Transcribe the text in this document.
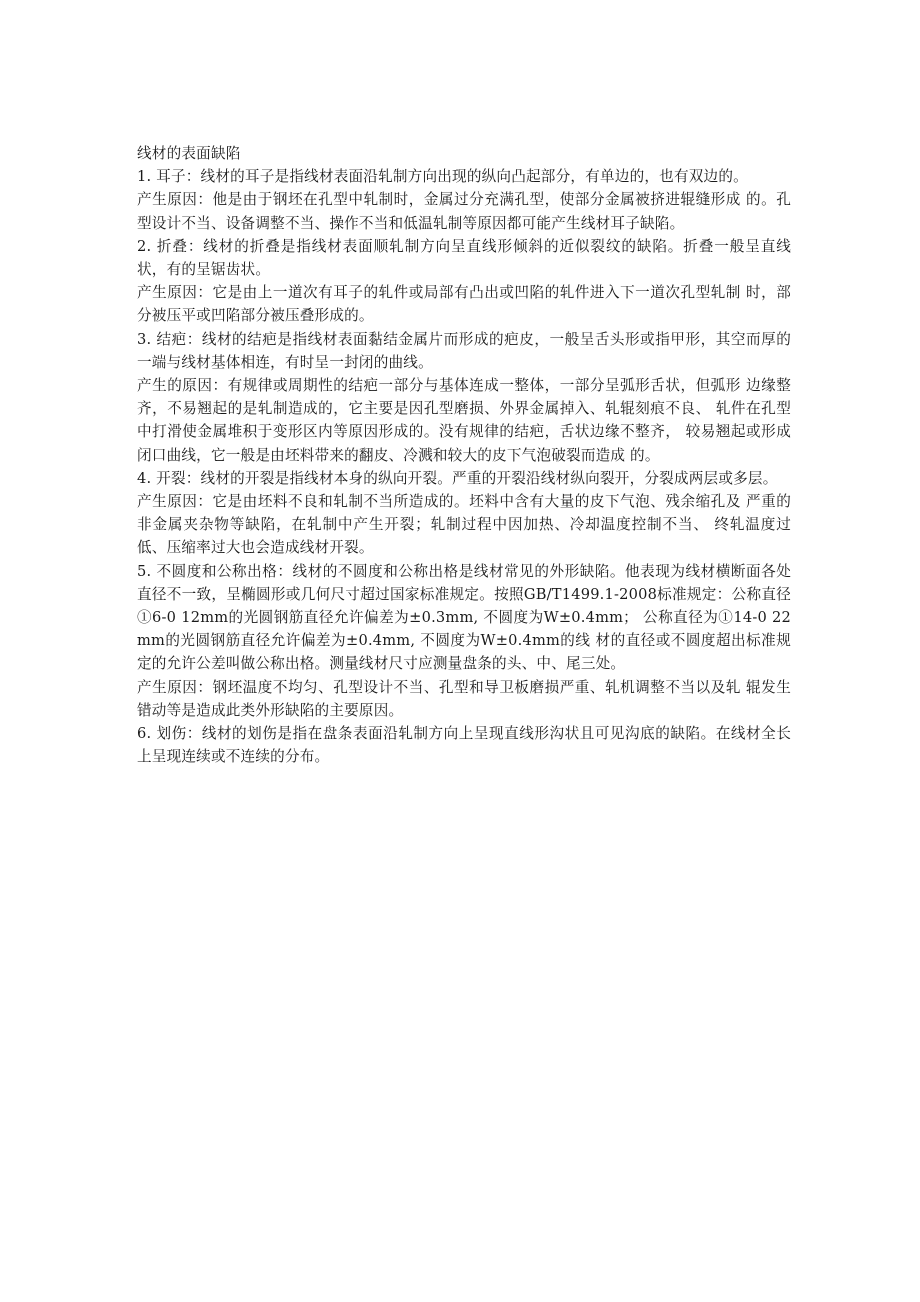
线材的表面缺陷

1. 耳子：线材的耳子是指线材表面沿轧制方向出现的纵向凸起部分，有单边的，也有双边的。

产生原因：他是由于钢坯在孔型中轧制时，金属过分充满孔型，使部分金属被挤进辊缝形成 的。孔型设计不当、设备调整不当、操作不当和低温轧制等原因都可能产生线材耳子缺陷。

2. 折叠：线材的折叠是指线材表面顺轧制方向呈直线形倾斜的近似裂纹的缺陷。折叠一般呈直线状，有的呈锯齿状。

产生原因：它是由上一道次有耳子的轧件或局部有凸出或凹陷的轧件进入下一道次孔型轧制 时，部分被压平或凹陷部分被压叠形成的。

3. 结疤：线材的结疤是指线材表面黏结金属片而形成的疤皮，一般呈舌头形或指甲形，其空而厚的一端与线材基体相连，有时呈一封闭的曲线。

产生的原因：有规律或周期性的结疤一部分与基体连成一整体，一部分呈弧形舌状，但弧形 边缘整齐，不易翘起的是轧制造成的，它主要是因孔型磨损、外界金属掉入、轧辊刻痕不良、 轧件在孔型中打滑使金属堆积于变形区内等原因形成的。没有规律的结疤，舌状边缘不整齐， 较易翘起或形成闭口曲线，它一般是由坯料带来的翻皮、冷溅和较大的皮下气泡破裂而造成 的。

4. 开裂：线材的开裂是指线材本身的纵向开裂。严重的开裂沿线材纵向裂开，分裂成两层或多层。

产生原因：它是由坯料不良和轧制不当所造成的。坯料中含有大量的皮下气泡、残余缩孔及 严重的非金属夹杂物等缺陷，在轧制中产生开裂；轧制过程中因加热、冷却温度控制不当、 终轧温度过低、压缩率过大也会造成线材开裂。

5. 不圆度和公称出格：线材的不圆度和公称出格是线材常见的外形缺陷。他表现为线材横断面各处直径不一致，呈椭圆形或几何尺寸超过国家标准规定。按照GB/T1499.1-2008标准规定：公称直径①6-0 12mm的光圆钢筋直径允许偏差为±0.3mm, 不圆度为W±0.4mm； 公称直径为①14-0 22mm的光圆钢筋直径允许偏差为±0.4mm, 不圆度为W±0.4mm的线 材的直径或不圆度超出标准规定的允许公差叫做公称出格。测量线材尺寸应测量盘条的头、中、尾三处。

产生原因：钢坯温度不均匀、孔型设计不当、孔型和导卫板磨损严重、轧机调整不当以及轧 辊发生错动等是造成此类外形缺陷的主要原因。

6. 划伤：线材的划伤是指在盘条表面沿轧制方向上呈现直线形沟状且可见沟底的缺陷。在线材全长上呈现连续或不连续的分布。
